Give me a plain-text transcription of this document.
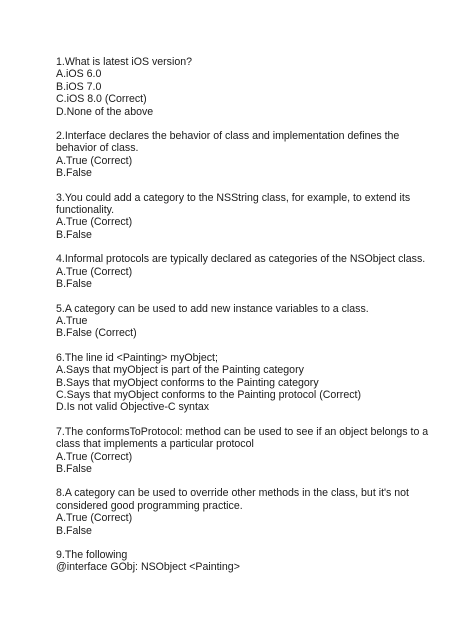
1.What is latest iOS version?
A.iOS 6.0
B.iOS 7.0
C.iOS 8.0 (Correct)
D.None of the above
2.Interface declares the behavior of class and implementation defines the behavior of class.
A.True (Correct)
B.False
3.You could add a category to the NSString class, for example, to extend its functionality.
A.True (Correct)
B.False
4.Informal protocols are typically declared as categories of the NSObject class.
A.True (Correct)
B.False
5.A category can be used to add new instance variables to a class.
A.True
B.False (Correct)
6.The line id <Painting> myObject;
A.Says that myObject is part of the Painting category
B.Says that myObject conforms to the Painting category
C.Says that myObject conforms to the Painting protocol (Correct)
D.Is not valid Objective-C syntax
7.The conformsToProtocol: method can be used to see if an object belongs to a class that implements a particular protocol
A.True (Correct)
B.False
8.A category can be used to override other methods in the class, but it's not considered good programming practice.
A.True (Correct)
B.False
9.The following
@interface GObj: NSObject <Painting>
